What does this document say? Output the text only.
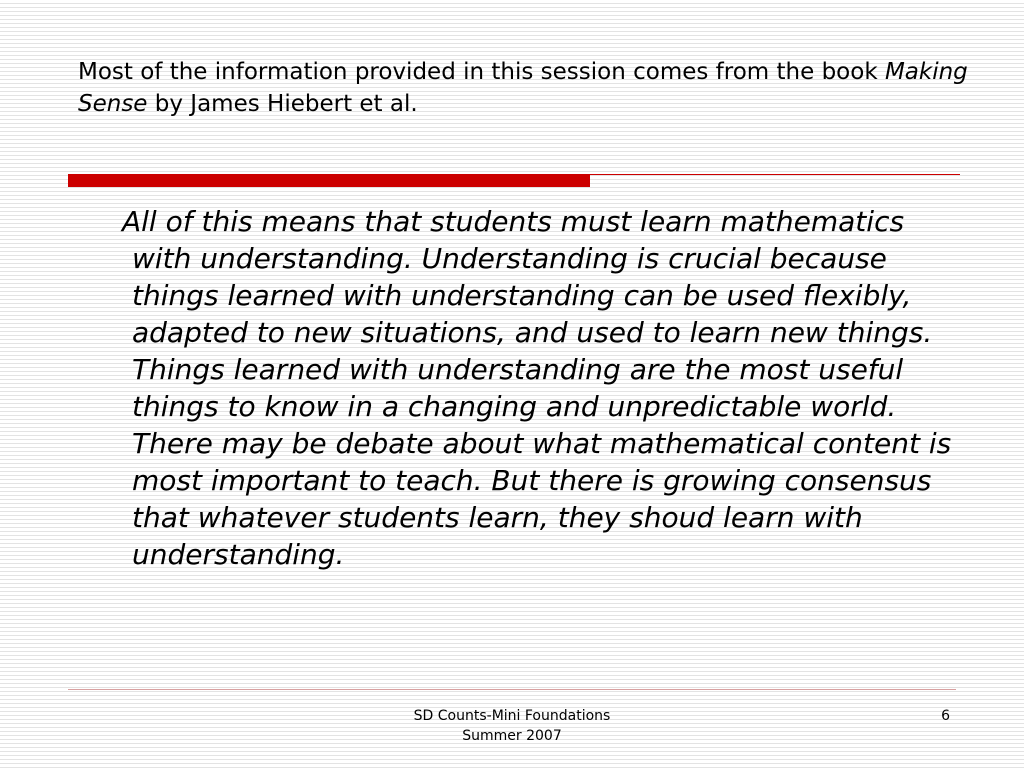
Most of the information provided in this session comes from the book Making Sense by James Hiebert et al.
All of this means that students must learn mathematics with understanding. Understanding is crucial because things learned with understanding can be used flexibly, adapted to new situations, and used to learn new things. Things learned with understanding are the most useful things to know in a changing and unpredictable world. There may be debate about what mathematical content is most important to teach. But there is growing consensus that whatever students learn, they shoud learn with understanding.
SD Counts-Mini Foundations
Summer 2007
6
